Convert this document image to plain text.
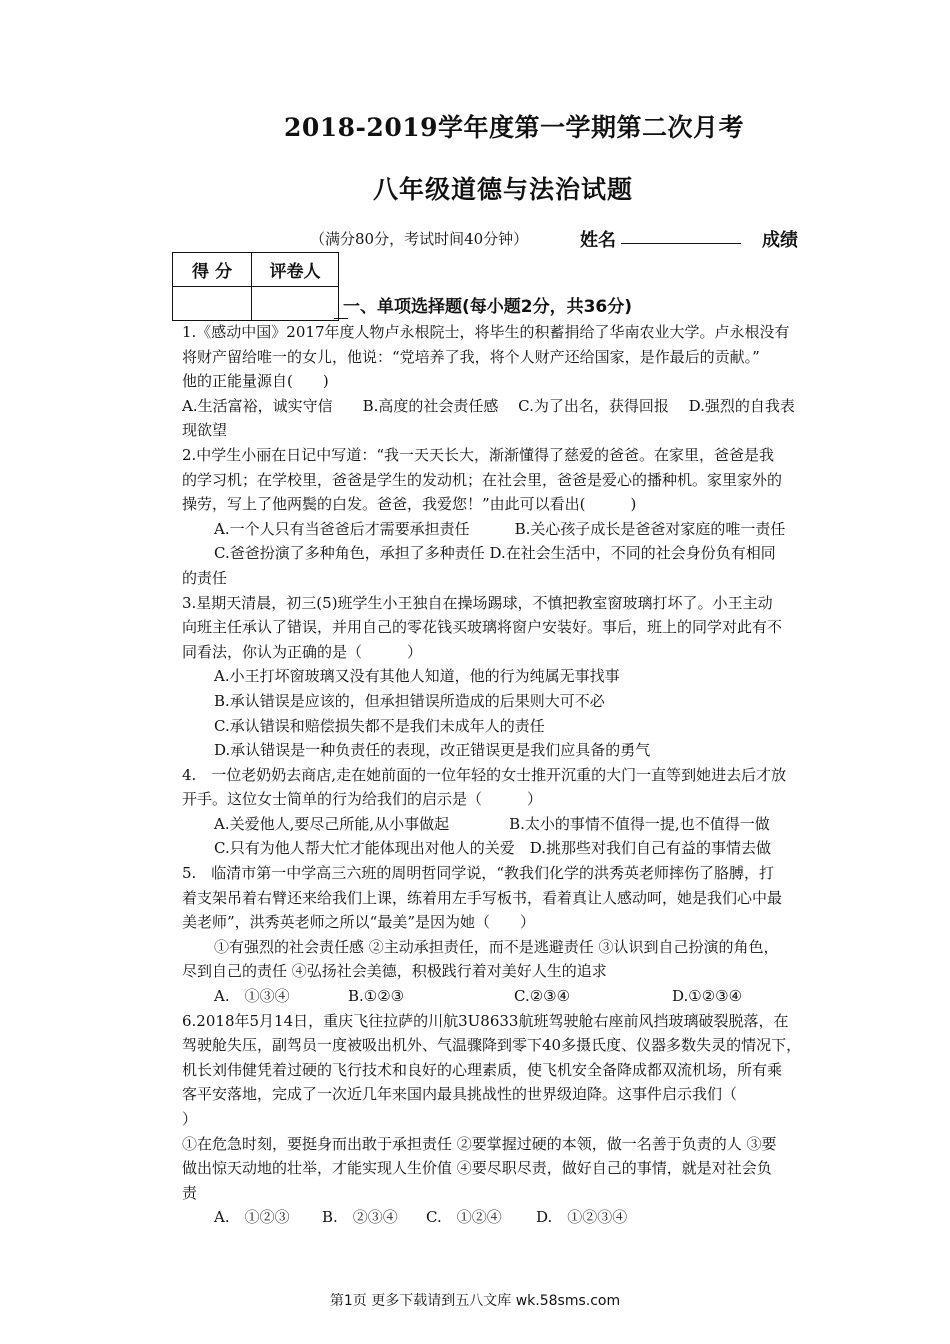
2018-2019学年度第一学期第二次月考
八年级道德与法治试题
（满分80分，考试时间40分钟）	姓名	成绩
得 分	评卷人

一、单项选择题(每小题2分，共36分)
1.《感动中国》2017年度人物卢永根院士，将毕生的积蓄捐给了华南农业大学。卢永根没有
将财产留给唯一的女儿，他说：“党培养了我，将个人财产还给国家，是作最后的贡献。”
他的正能量源自(　　)
A.生活富裕，诚实守信　　B.高度的社会责任感　 C.为了出名，获得回报　 D.强烈的自我表
现欲望
2.中学生小丽在日记中写道：“我一天天长大，渐渐懂得了慈爱的爸爸。在家里，爸爸是我
的学习机；在学校里，爸爸是学生的发动机；在社会里，爸爸是爱心的播种机。家里家外的
操劳，写上了他两鬓的白发。爸爸，我爱您！”由此可以看出(　　　)
A.一个人只有当爸爸后才需要承担责任　　　B.关心孩子成长是爸爸对家庭的唯一责任
C.爸爸扮演了多种角色，承担了多种责任 D.在社会生活中，不同的社会身份负有相同
的责任
3.星期天清晨，初三(5)班学生小王独自在操场踢球，不慎把教室窗玻璃打坏了。小王主动
向班主任承认了错误，并用自己的零花钱买玻璃将窗户安装好。事后，班上的同学对此有不
同看法，你认为正确的是（　　　）
A.小王打坏窗玻璃又没有其他人知道，他的行为纯属无事找事
B.承认错误是应该的，但承担错误所造成的后果则大可不必
C.承认错误和赔偿损失都不是我们未成年人的责任
D.承认错误是一种负责任的表现，改正错误更是我们应具备的勇气
4.　一位老奶奶去商店,走在她前面的一位年轻的女士推开沉重的大门一直等到她进去后才放
开手。这位女士简单的行为给我们的启示是（　　　）
A.关爱他人,要尽己所能,从小事做起　　　　B.太小的事情不值得一提,也不值得一做
C.只有为他人帮大忙才能体现出对他人的关爱　D.挑那些对我们自己有益的事情去做
5.　临清市第一中学高三六班的周明哲同学说，“教我们化学的洪秀英老师摔伤了胳膊，打
着支架吊着右臂还来给我们上课，练着用左手写板书，看着真让人感动呵，她是我们心中最
美老师”，洪秀英老师之所以“最美”是因为她（　　）
①有强烈的社会责任感 ②主动承担责任，而不是逃避责任 ③认识到自己扮演的角色，
尽到自己的责任 ④弘扬社会美德，积极践行着对美好人生的追求
A.　①③④	B.①②③	C.②③④	D.①②③④
6.2018年5月14日，重庆飞往拉萨的川航3U8633航班驾驶舱右座前风挡玻璃破裂脱落，在
驾驶舱失压，副驾员一度被吸出机外、气温骤降到零下40多摄氏度、仪器多数失灵的情况下，
机长刘伟健凭着过硬的飞行技术和良好的心理素质，使飞机安全备降成都双流机场，所有乘
客平安落地，完成了一次近几年来国内最具挑战性的世界级迫降。这事件启示我们（
）
①在危急时刻，要挺身而出敢于承担责任 ②要掌握过硬的本领，做一名善于负责的人 ③要
做出惊天动地的壮举，才能实现人生价值 ④要尽职尽责，做好自己的事情，就是对社会负
责
A.　①②③	B.　②③④	C.　①②④	D.　①②③④
第1页 更多下载请到五八文库 wk.58sms.com
